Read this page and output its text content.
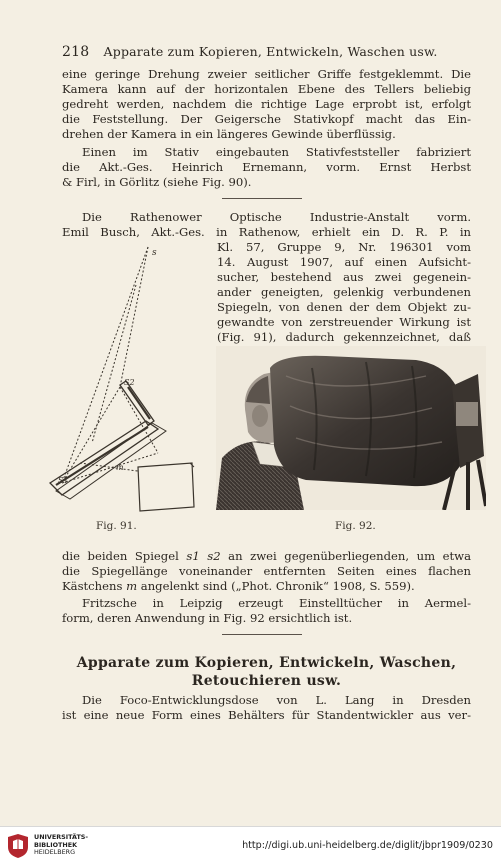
218 Apparate zum Kopieren, Entwickeln, Waschen usw.
eine geringe Drehung zweier seitlicher Griffe festgeklemmt. Die
Kamera kann auf der horizontalen Ebene des Tellers beliebig
gedreht werden, nachdem die richtige Lage erprobt ist, erfolgt
die Feststellung. Der Geigersche Stativkopf macht das Ein-
drehen der Kamera in ein längeres Gewinde überflüssig.
Einen im Stativ eingebauten Stativfeststeller fabriziert
die Akt.-Ges. Heinrich Ernemann, vorm. Ernst Herbst
& Firl, in Görlitz (siehe Fig. 90).
Die Rathenower Optische Industrie-Anstalt vorm.
Emil Busch, Akt.-Ges. in Rathenow, erhielt ein D. R. P. in
Kl. 57, Gruppe 9, Nr. 196301 vom
14. August 1907, auf einen Aufsicht-
sucher, bestehend aus zwei gegenein-
ander geneigten, gelenkig verbundenen
Spiegeln, von denen der dem Objekt zu-
gewandte von zerstreuender Wirkung ist
(Fig. 91), dadurch gekennzeichnet, daß
s
S2
S1
m
Fig. 91.	Fig. 92.
die beiden Spiegel s1 s2 an zwei gegenüberliegenden, um etwa
die Spiegellänge voneinander entfernten Seiten eines flachen
Kästchens m angelenkt sind („Phot. Chronik“ 1908, S. 559).
Fritzsche in Leipzig erzeugt Einstelltücher in Aermel-
form, deren Anwendung in Fig. 92 ersichtlich ist.
Apparate zum Kopieren, Entwickeln, Waschen,
Retouchieren usw.
Die Foco-Entwicklungsdose von L. Lang in Dresden
ist eine neue Form eines Behälters für Standentwickler aus ver-
UNIVERSITÄTS-
BIBLIOTHEK
HEIDELBERG
http://digi.ub.uni-heidelberg.de/diglit/jbpr1909/0230
